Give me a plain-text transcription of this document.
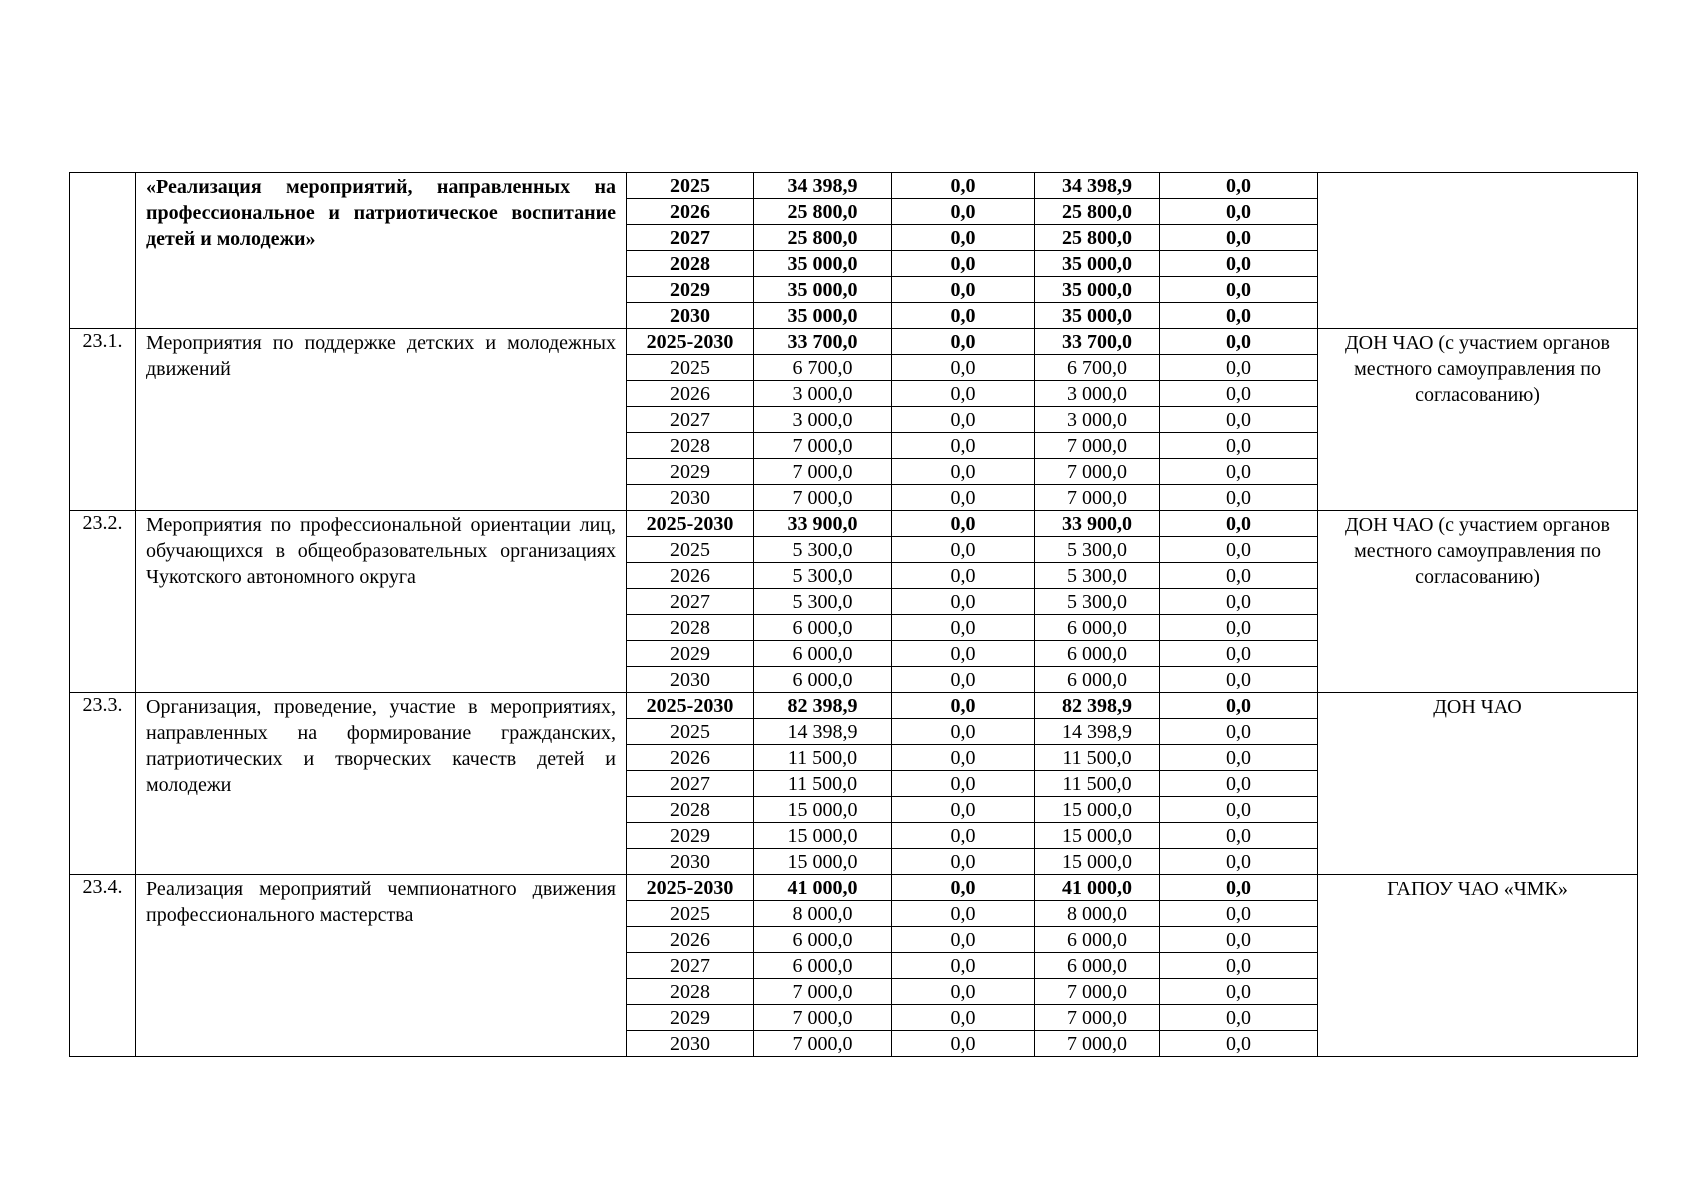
	«Реализация мероприятий, направленных на профессиональное и патриотическое воспитание детей и молодежи»	2025	34 398,9	0,0	34 398,9	0,0	
		2026	25 800,0	0,0	25 800,0	0,0	
		2027	25 800,0	0,0	25 800,0	0,0	
		2028	35 000,0	0,0	35 000,0	0,0	
		2029	35 000,0	0,0	35 000,0	0,0	
		2030	35 000,0	0,0	35 000,0	0,0	
23.1.	Мероприятия по поддержке детских и молодежных движений	2025-2030	33 700,0	0,0	33 700,0	0,0	ДОН ЧАО (с участием органов местного самоуправления по согласованию)
		2025	6 700,0	0,0	6 700,0	0,0	
		2026	3 000,0	0,0	3 000,0	0,0	
		2027	3 000,0	0,0	3 000,0	0,0	
		2028	7 000,0	0,0	7 000,0	0,0	
		2029	7 000,0	0,0	7 000,0	0,0	
		2030	7 000,0	0,0	7 000,0	0,0	
23.2.	Мероприятия по профессиональной ориентации лиц, обучающихся в общеобразовательных организациях Чукотского автономного округа	2025-2030	33 900,0	0,0	33 900,0	0,0	ДОН ЧАО (с участием органов местного самоуправления по согласованию)
		2025	5 300,0	0,0	5 300,0	0,0	
		2026	5 300,0	0,0	5 300,0	0,0	
		2027	5 300,0	0,0	5 300,0	0,0	
		2028	6 000,0	0,0	6 000,0	0,0	
		2029	6 000,0	0,0	6 000,0	0,0	
		2030	6 000,0	0,0	6 000,0	0,0	
23.3.	Организация, проведение, участие в мероприятиях, направленных на формирование гражданских, патриотических и творческих качеств детей и молодежи	2025-2030	82 398,9	0,0	82 398,9	0,0	ДОН ЧАО
		2025	14 398,9	0,0	14 398,9	0,0	
		2026	11 500,0	0,0	11 500,0	0,0	
		2027	11 500,0	0,0	11 500,0	0,0	
		2028	15 000,0	0,0	15 000,0	0,0	
		2029	15 000,0	0,0	15 000,0	0,0	
		2030	15 000,0	0,0	15 000,0	0,0	
23.4.	Реализация мероприятий чемпионатного движения профессионального мастерства	2025-2030	41 000,0	0,0	41 000,0	0,0	ГАПОУ ЧАО «ЧМК»
		2025	8 000,0	0,0	8 000,0	0,0	
		2026	6 000,0	0,0	6 000,0	0,0	
		2027	6 000,0	0,0	6 000,0	0,0	
		2028	7 000,0	0,0	7 000,0	0,0	
		2029	7 000,0	0,0	7 000,0	0,0	
		2030	7 000,0	0,0	7 000,0	0,0	
